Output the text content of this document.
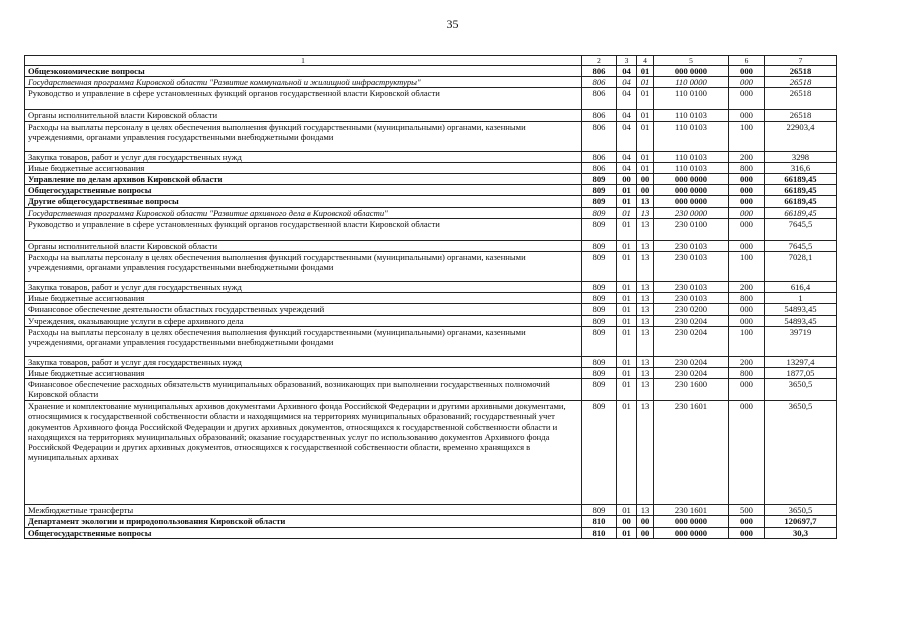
35
1	2	3	4	5	6	7
Общеэкономические вопросы	806	04	01	000 0000	000	26518
Государственная программа Кировской области "Развитие коммунальной и жилищной инфраструктуры"	806	04	01	110 0000	000	26518
Руководство и управление в сфере установленных функций органов государственной власти Кировской области	806	04	01	110 0100	000	26518
Органы исполнительной власти Кировской области	806	04	01	110 0103	000	26518
Расходы на выплаты персоналу в целях обеспечения выполнения функций государственными (муниципальными) органами, казенными учреждениями, органами управления государственными внебюджетными фондами	806	04	01	110 0103	100	22903,4
Закупка товаров, работ и услуг для государственных нужд	806	04	01	110 0103	200	3298
Иные бюджетные ассигнования	806	04	01	110 0103	800	316,6
Управление по делам архивов Кировской области	809	00	00	000 0000	000	66189,45
Общегосударственные вопросы	809	01	00	000 0000	000	66189,45
Другие общегосударственные вопросы	809	01	13	000 0000	000	66189,45
Государственная программа Кировской области "Развитие архивного дела в Кировской области"	809	01	13	230 0000	000	66189,45
Руководство и управление в сфере установленных функций органов государственной власти Кировской области	809	01	13	230 0100	000	7645,5
Органы исполнительной власти Кировской области	809	01	13	230 0103	000	7645,5
Расходы на выплаты персоналу в целях обеспечения выполнения функций государственными (муниципальными) органами, казенными учреждениями, органами управления государственными внебюджетными фондами	809	01	13	230 0103	100	7028,1
Закупка товаров, работ и услуг для государственных нужд	809	01	13	230 0103	200	616,4
Иные бюджетные ассигнования	809	01	13	230 0103	800	1
Финансовое обеспечение деятельности областных государственных учреждений	809	01	13	230 0200	000	54893,45
Учреждения, оказывающие услуги в сфере архивного дела	809	01	13	230 0204	000	54893,45
Расходы на выплаты персоналу в целях обеспечения выполнения функций государственными (муниципальными) органами, казенными учреждениями, органами управления государственными внебюджетными фондами	809	01	13	230 0204	100	39719
Закупка товаров, работ и услуг для государственных нужд	809	01	13	230 0204	200	13297,4
Иные бюджетные ассигнования	809	01	13	230 0204	800	1877,05
Финансовое обеспечение расходных обязательств муниципальных образований, возникающих при выполнении государственных полномочий Кировской области	809	01	13	230 1600	000	3650,5
Хранение и комплектование муниципальных архивов документами Архивного фонда Российской Федерации и другими архивными документами, относящимися к государственной собственности области и находящимися на территориях муниципальных образований; государственный учет документов Архивного фонда Российской Федерации и других архивных документов, относящихся к государственной собственности области и находящихся на территориях муниципальных образований; оказание государственных услуг по использованию документов Архивного фонда Российской Федерации и других архивных документов, относящихся к государственной собственности области, временно хранящихся в муниципальных архивах	809	01	13	230 1601	000	3650,5
Межбюджетные трансферты	809	01	13	230 1601	500	3650,5
Департамент экологии и природопользования Кировской области	810	00	00	000 0000	000	120697,7
Общегосударственные вопросы	810	01	00	000 0000	000	30,3
